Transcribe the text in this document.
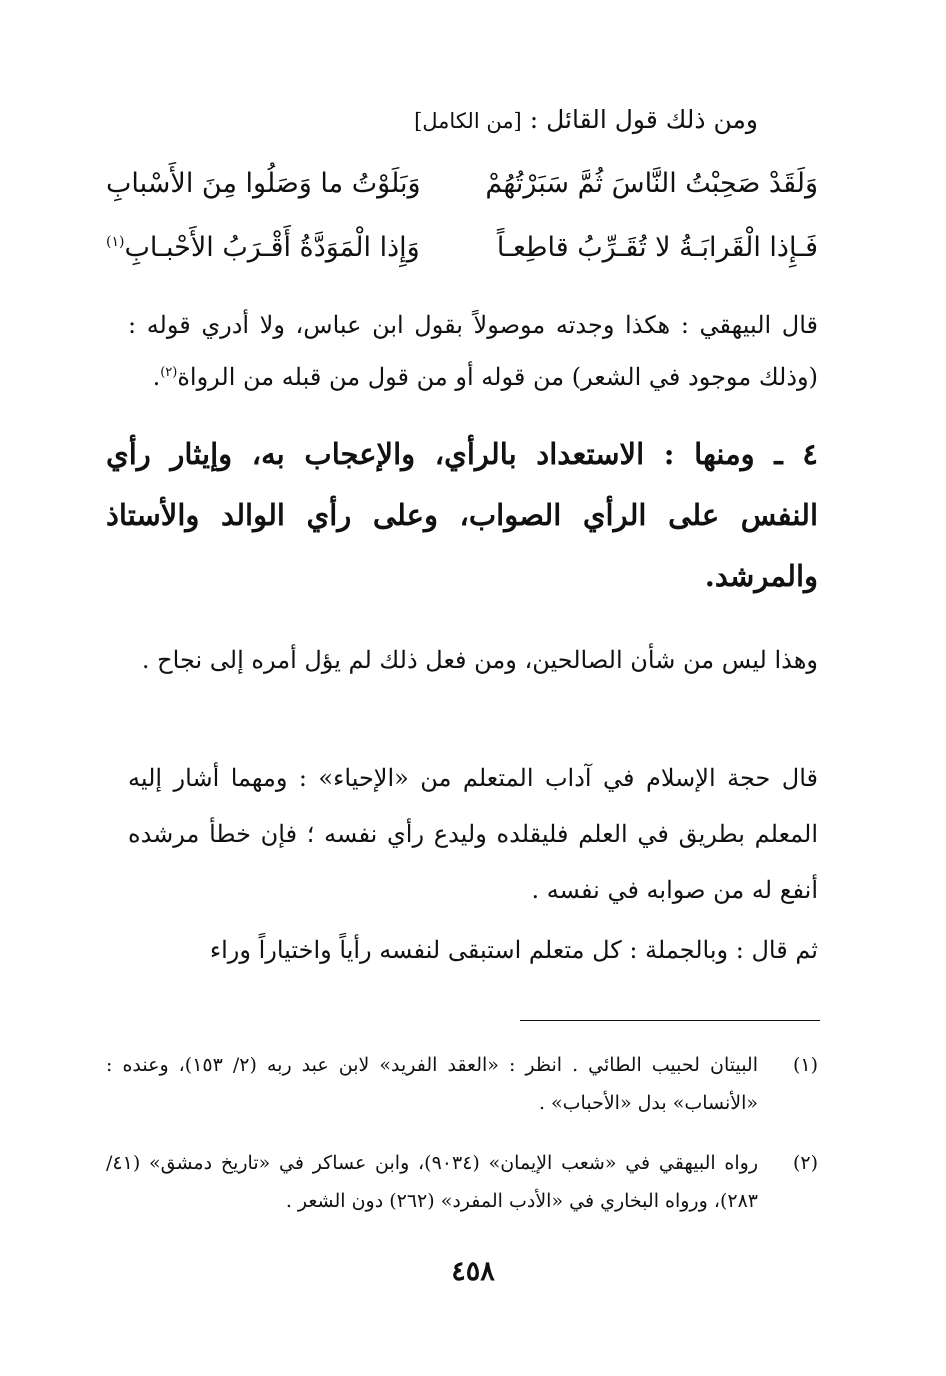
ومن ذلك قول القائل : [من الكامل]
وَلَقَدْ صَحِبْتُ النَّاسَ ثُمَّ سَبَرْتُهُمْ
وَبَلَوْتُ ما وَصَلُوا مِنَ الأَسْبابِ
فَـإِذا الْقَرابَـةُ لا تُقَـرِّبُ قاطِعـاً
وَإِذا الْمَوَدَّةُ أَقْـرَبُ الأَحْبـابِ$^{(١)}$
قال البيهقي : هكذا وجدته موصولاً بقول ابن عباس، ولا أدري قوله : (وذلك موجود في الشعر) من قوله أو من قول من قبله من الرواة$^{(٢)}$.
٤ ـ ومنها : الاستعداد بالرأي، والإعجاب به، وإيثار رأي النفس على الرأي الصواب، وعلى رأي الوالد والأستاذ والمرشد.
وهذا ليس من شأن الصالحين، ومن فعل ذلك لم يؤل أمره إلى نجاح .
قال حجة الإسلام في آداب المتعلم من «الإحياء» : ومهما أشار إليه المعلم بطريق في العلم فليقلده وليدع رأي نفسه ؛ فإن خطأ مرشده أنفع له من صوابه في نفسه .
ثم قال : وبالجملة : كل متعلم استبقى لنفسه رأياً واختياراً وراء
(١)
البيتان لحبيب الطائي . انظر : «العقد الفريد» لابن عبد ربه (٢/ ١٥٣)، وعنده : «الأنساب» بدل «الأحباب» .
(٢)
رواه البيهقي في «شعب الإيمان» (٩٠٣٤)، وابن عساكر في «تاريخ دمشق» (٤١/ ٢٨٣)، ورواه البخاري في «الأدب المفرد» (٢٦٢) دون الشعر .
٤٥٨
